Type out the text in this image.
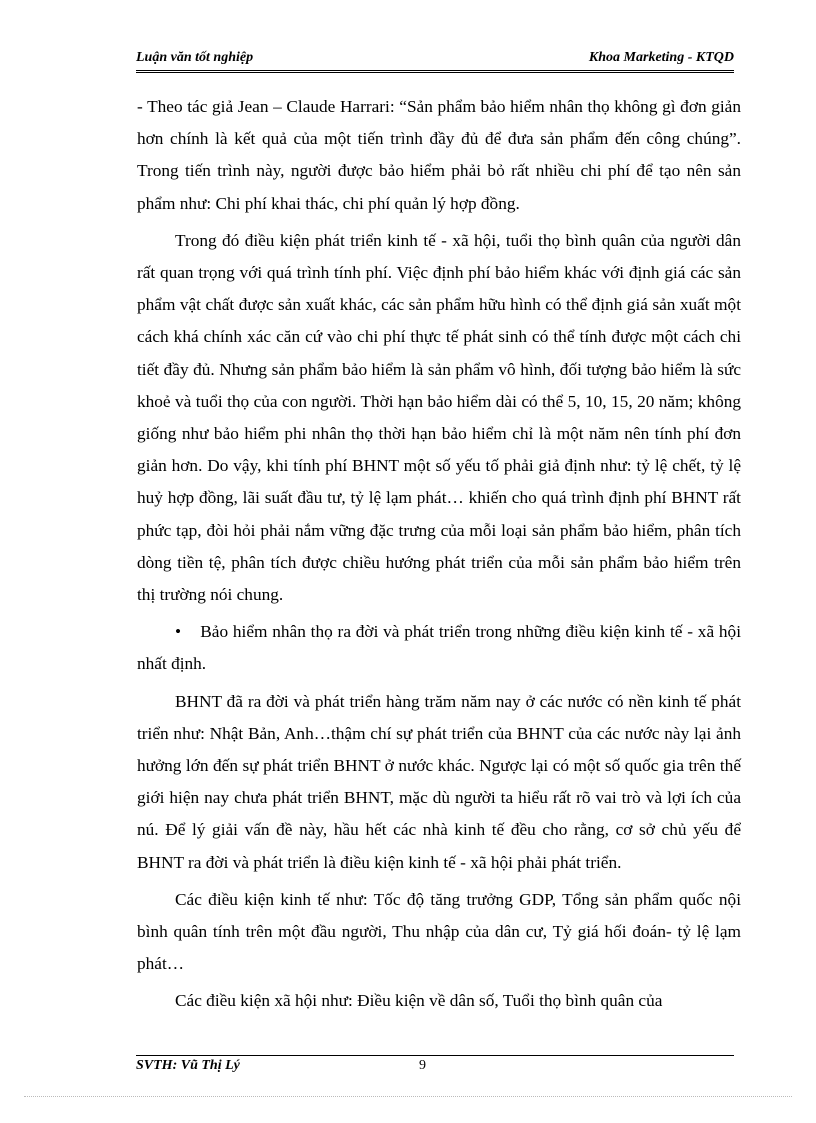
Luận văn tốt nghiệp	Khoa Marketing - KTQD

- Theo tác giả Jean – Claude Harrari: “Sản phẩm bảo hiểm nhân thọ không gì đơn giản hơn chính là kết quả của một tiến trình đầy đủ để đưa sản phẩm đến công chúng”. Trong tiến trình này, người được bảo hiểm phải bỏ rất nhiều chi phí để tạo nên sản phẩm như: Chi phí khai thác, chi phí quản lý hợp đồng.

Trong đó điều kiện phát triển kinh tế - xã hội, tuổi thọ bình quân của người dân rất quan trọng với quá trình tính phí. Việc định phí bảo hiểm khác với định giá các sản phẩm vật chất được sản xuất khác, các sản phẩm hữu hình có thể định giá sản xuất một cách khá chính xác căn cứ vào chi phí thực tế phát sinh có thể tính được một cách chi tiết đầy đủ. Nhưng sản phẩm bảo hiểm là sản phẩm vô hình, đối tượng bảo hiểm là sức khoẻ và tuổi thọ của con người. Thời hạn bảo hiểm dài có thể 5, 10, 15, 20 năm; không giống như bảo hiểm phi nhân thọ thời hạn bảo hiểm chỉ là một năm nên tính phí đơn giản hơn. Do vậy, khi tính phí BHNT một số yếu tố phải giả định như: tỷ lệ chết, tỷ lệ huỷ hợp đồng, lãi suất đầu tư, tỷ lệ lạm phát… khiến cho quá trình định phí BHNT rất phức tạp, đòi hỏi phải nắm vững đặc trưng của mỗi loại sản phẩm bảo hiểm, phân tích dòng tiền tệ, phân tích được chiều hướng phát triển của mỗi sản phẩm bảo hiểm trên thị trường nói chung.

• Bảo hiểm nhân thọ ra đời và phát triển trong những điều kiện kinh tế - xã hội nhất định.

BHNT đã ra đời và phát triển hàng trăm năm nay ở các nước có nền kinh tế phát triển như: Nhật Bản, Anh…thậm chí sự phát triển của BHNT của các nước này lại ảnh hưởng lớn đến sự phát triển BHNT ở nước khác. Ngược lại có một số quốc gia trên thế giới hiện nay chưa phát triển BHNT, mặc dù người ta hiểu rất rõ vai trò và lợi ích của nú. Để lý giải vấn đề này, hầu hết các nhà kinh tế đều cho rằng, cơ sở chủ yếu để BHNT ra đời và phát triển là điều kiện kinh tế - xã hội phải phát triển.

Các điều kiện kinh tế như: Tốc độ tăng trưởng GDP, Tổng sản phẩm quốc nội bình quân tính trên một đầu người, Thu nhập của dân cư, Tỷ giá hối đoán- tỷ lệ lạm phát…

Các điều kiện xã hội như: Điều kiện về dân số, Tuổi thọ bình quân của

SVTH: Vũ Thị Lý	9
